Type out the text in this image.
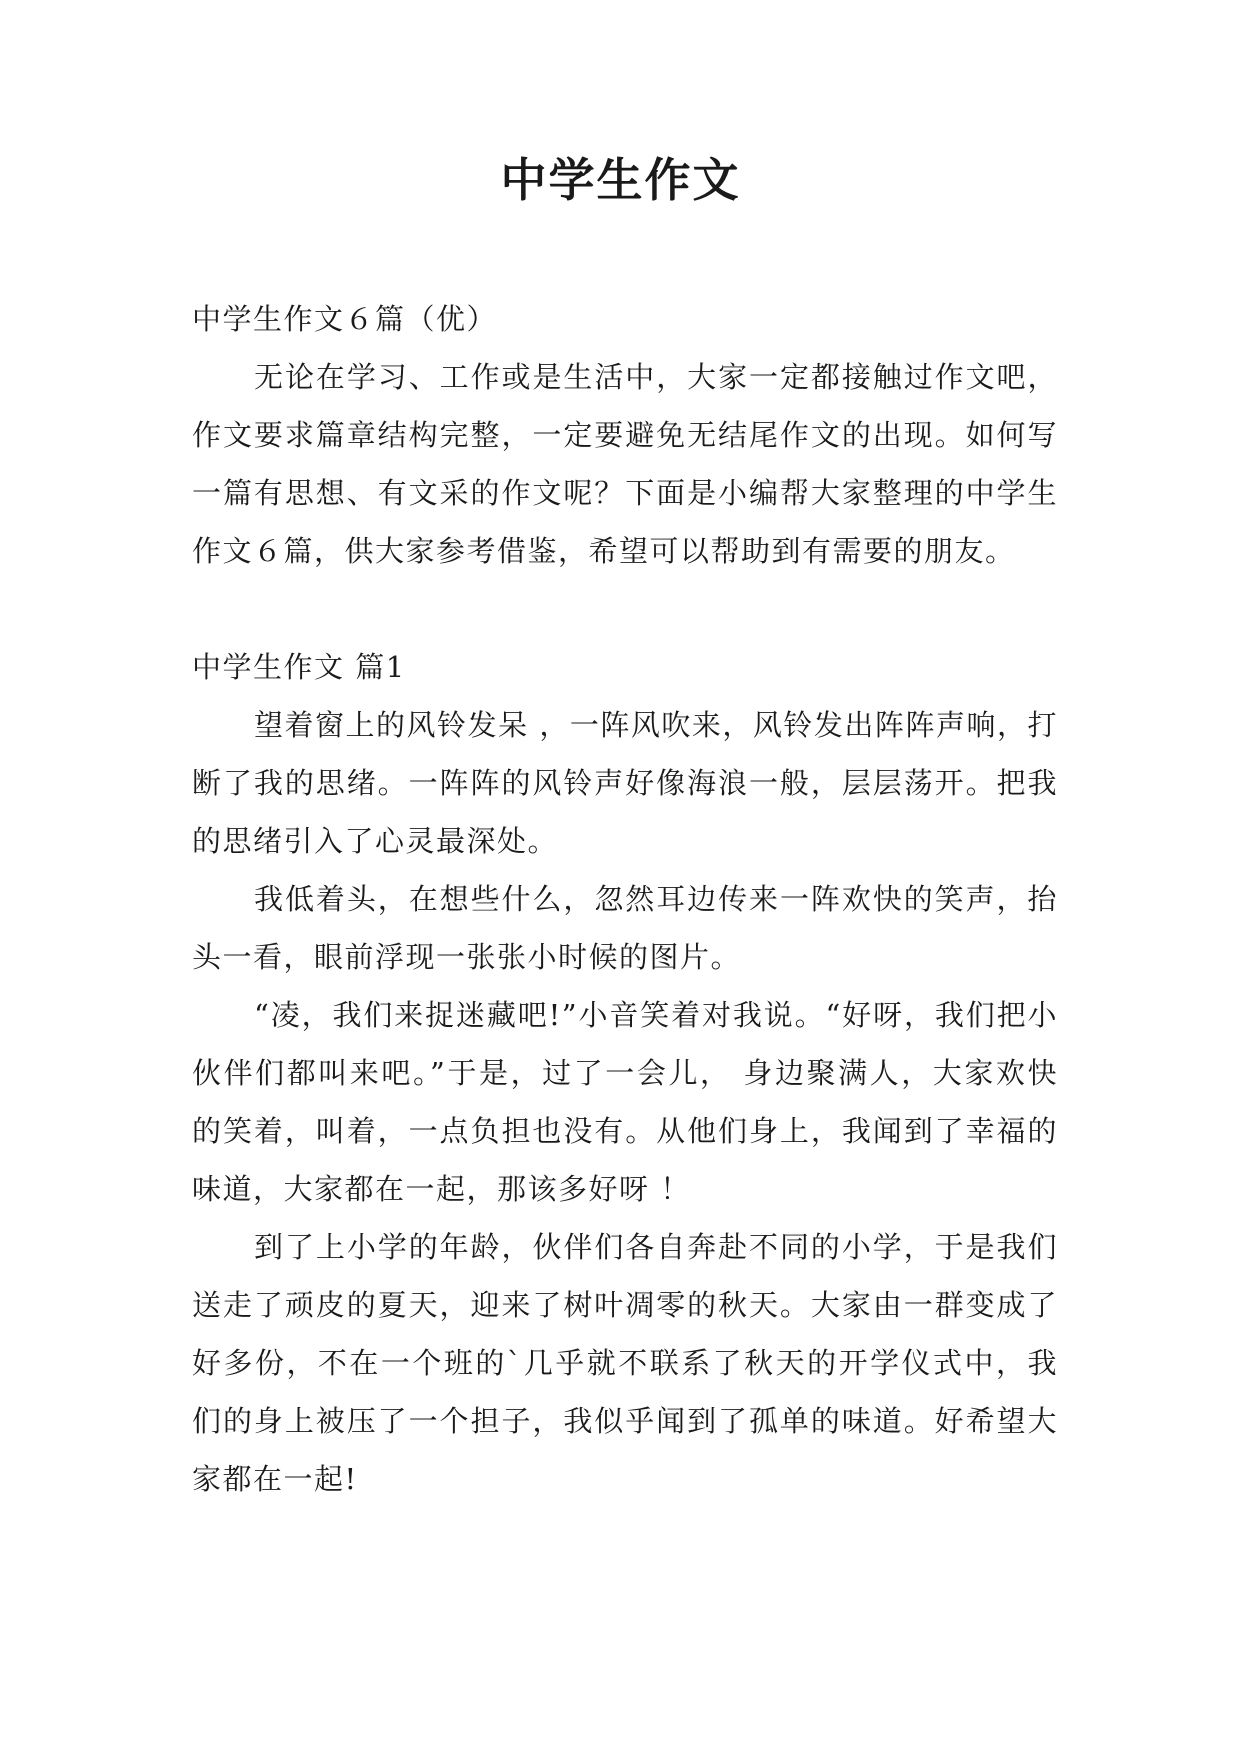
中学生作文

中学生作文６篇（优）

无论在学习、工作或是生活中，大家一定都接触过作文吧，作文要求篇章结构完整，一定要避免无结尾作文的出现。如何写一篇有思想、有文采的作文呢？下面是小编帮大家整理的中学生作文６篇，供大家参考借鉴，希望可以帮助到有需要的朋友。

中学生作文 篇1

望着窗上的风铃发呆 ，一阵风吹来，风铃发出阵阵声响，打断了我的思绪。一阵阵的风铃声好像海浪一般，层层荡开。把我的思绪引入了心灵最深处。

我低着头，在想些什么，忽然耳边传来一阵欢快的笑声，抬头一看，眼前浮现一张张小时候的图片。

“凌，我们来捉迷藏吧!”小音笑着对我说。“好呀，我们把小伙伴们都叫来吧。”于是，过了一会儿， 身边聚满人，大家欢快的笑着，叫着，一点负担也没有。从他们身上，我闻到了幸福的味道，大家都在一起，那该多好呀 ！

到了上小学的年龄，伙伴们各自奔赴不同的小学，于是我们送走了顽皮的夏天，迎来了树叶凋零的秋天。大家由一群变成了好多份，不在一个班的`几乎就不联系了秋天的开学仪式中，我们的身上被压了一个担子，我似乎闻到了孤单的味道。好希望大家都在一起!
